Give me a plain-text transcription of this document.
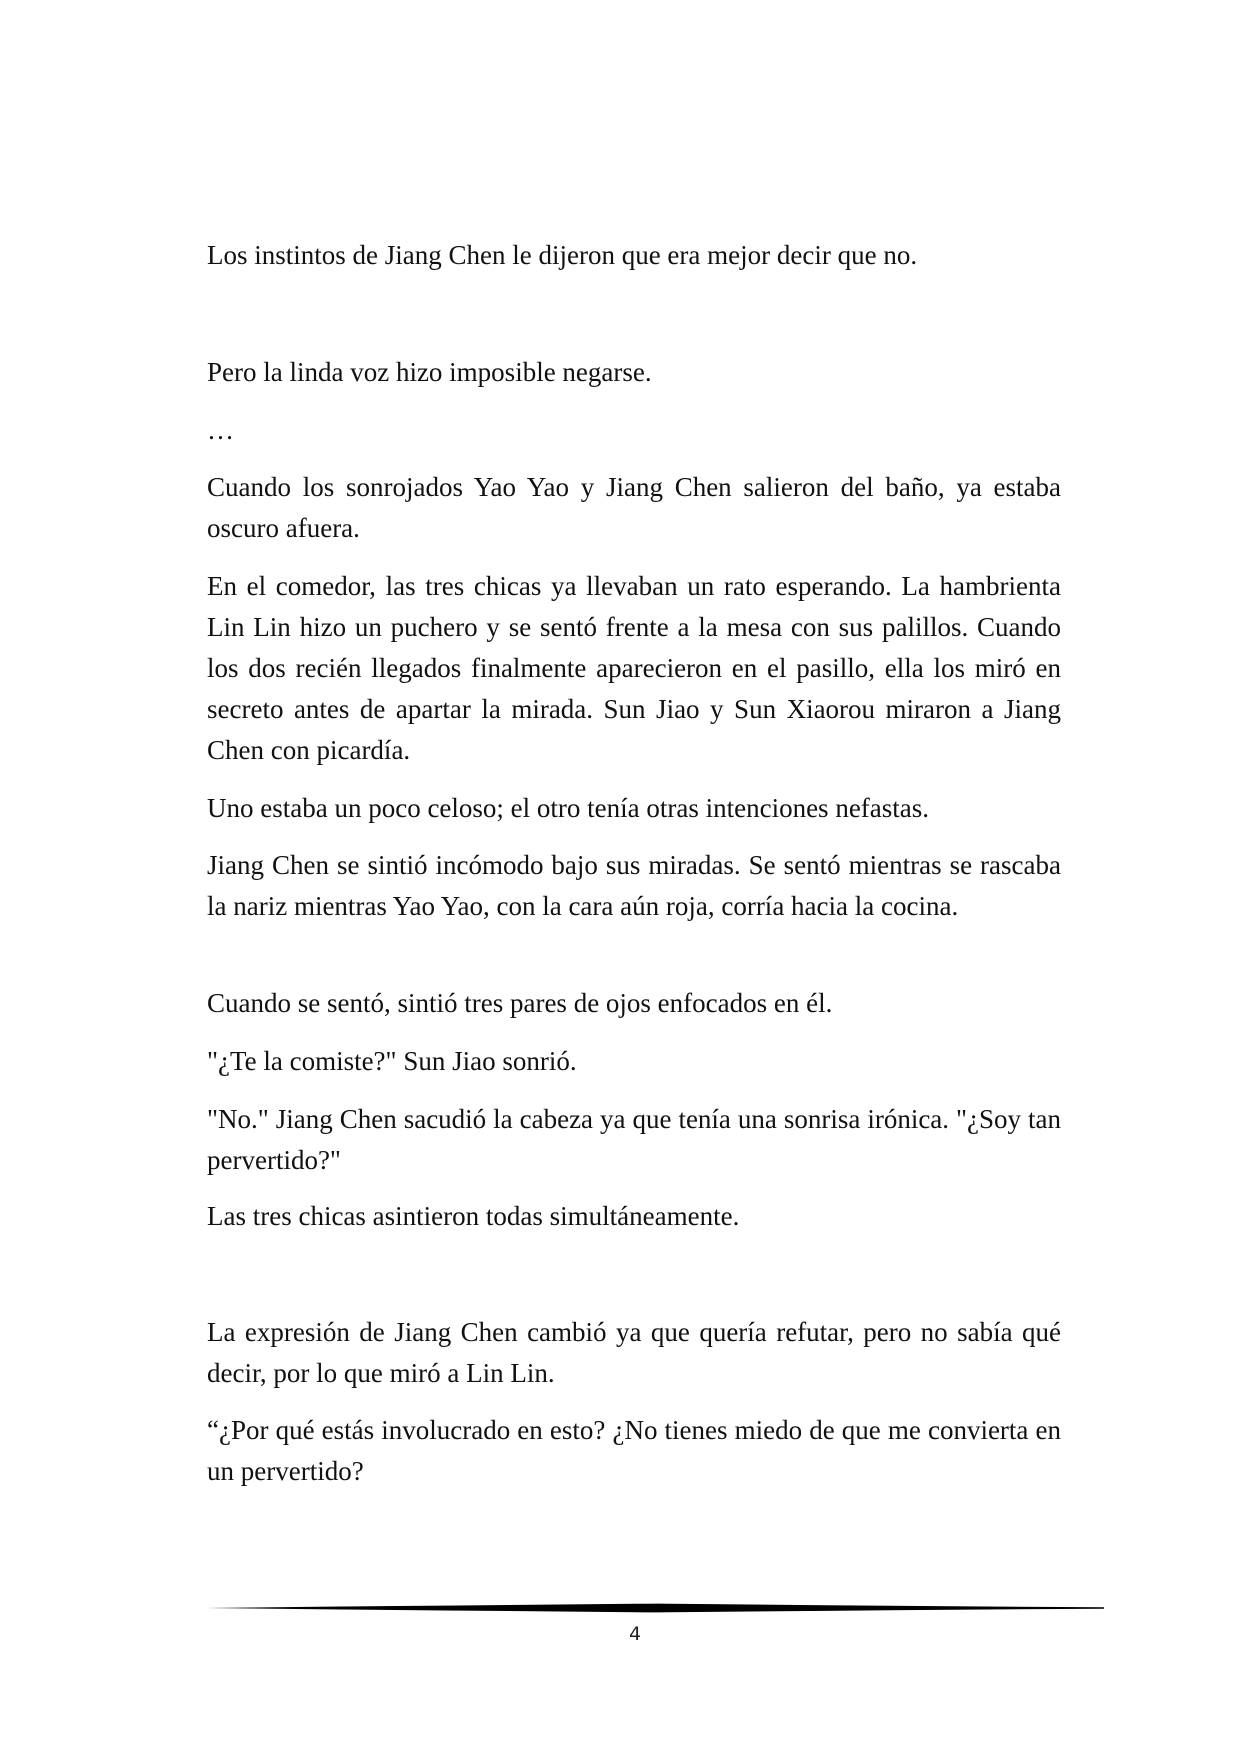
Los instintos de Jiang Chen le dijeron que era mejor decir que no.

Pero la linda voz hizo imposible negarse.

…

Cuando los sonrojados Yao Yao y Jiang Chen salieron del baño, ya estaba oscuro afuera.

En el comedor, las tres chicas ya llevaban un rato esperando. La hambrienta Lin Lin hizo un puchero y se sentó frente a la mesa con sus palillos. Cuando los dos recién llegados finalmente aparecieron en el pasillo, ella los miró en secreto antes de apartar la mirada. Sun Jiao y Sun Xiaorou miraron a Jiang Chen con picardía.

Uno estaba un poco celoso; el otro tenía otras intenciones nefastas.

Jiang Chen se sintió incómodo bajo sus miradas. Se sentó mientras se rascaba la nariz mientras Yao Yao, con la cara aún roja, corría hacia la cocina.

Cuando se sentó, sintió tres pares de ojos enfocados en él.

"¿Te la comiste?" Sun Jiao sonrió.

"No." Jiang Chen sacudió la cabeza ya que tenía una sonrisa irónica. "¿Soy tan pervertido?"

Las tres chicas asintieron todas simultáneamente.

La expresión de Jiang Chen cambió ya que quería refutar, pero no sabía qué decir, por lo que miró a Lin Lin.

“¿Por qué estás involucrado en esto? ¿No tienes miedo de que me convierta en un pervertido?

4
